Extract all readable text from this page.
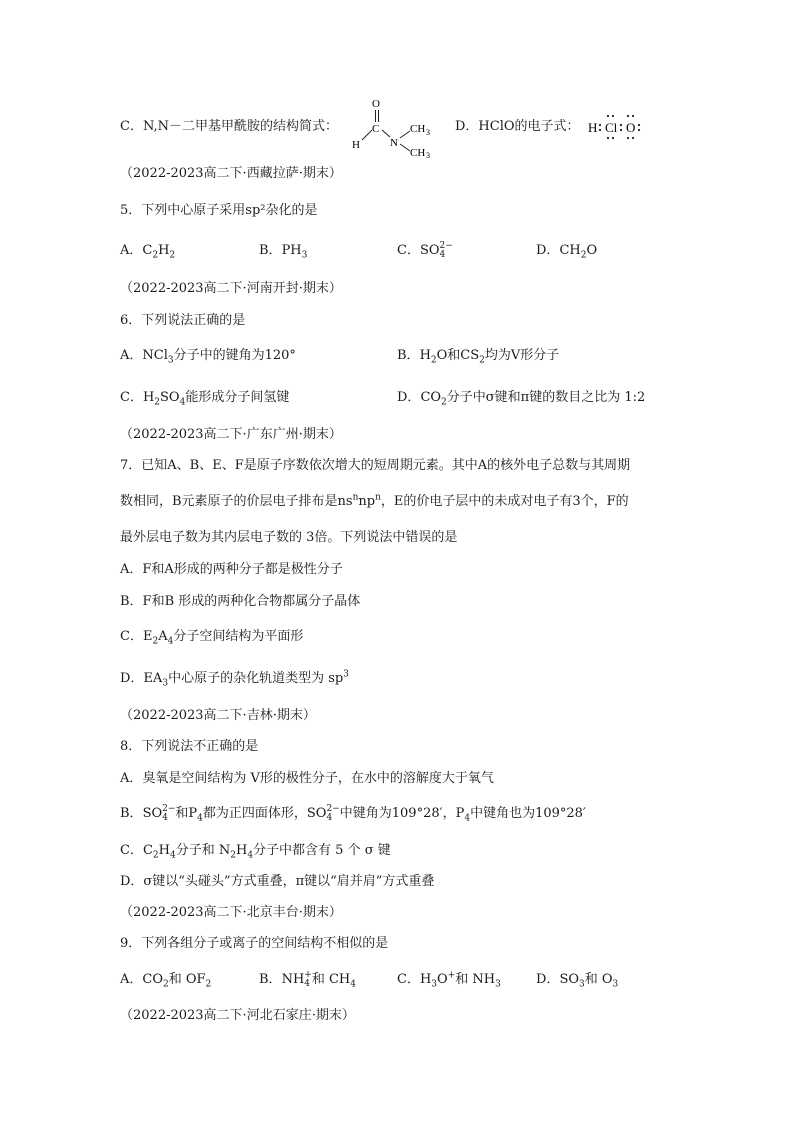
C．N,N－二甲基甲酰胺的结构简式：
O
C
H	N
CH 3
CH 3
D．HClO的电子式： H Cl O
（2022-2023高二下·西藏拉萨·期末）
5．下列中心原子采用sp²杂化的是
A．$C_2H_2$	B．$PH_3$	C．SO 2−
4	D．$CH_2O$
（2022-2023高二下·河南开封·期末）
6．下列说法正确的是
A．NCl$_3$分子中的键角为120°	B．$H_2O$和$CS_2$均为V形分子
C．$H_2SO_4$能形成分子间氢键	D．$CO_2$分子中σ键和π键的数目之比为 1:2
（2022-2023高二下·广东广州·期末）
7．已知A、B、E、F是原子序数依次增大的短周期元素。其中A的核外电子总数与其周期
数相同，B元素原子的价层电子排布是$ns^nnp^n$，E的价电子层中的未成对电子有3个，F的
最外层电子数为其内层电子数的 3倍。下列说法中错误的是
A．F和A形成的两种分子都是极性分子
B．F和B 形成的两种化合物都属分子晶体
C．$E_2A_4$分子空间结构为平面形
D．$EA_3$中心原子的杂化轨道类型为 $sp^3$
（2022-2023高二下·吉林·期末）
8．下列说法不正确的是
A．臭氧是空间结构为 V形的极性分子，在水中的溶解度大于氧气
B．SO 2−
4 和$P_4$都为正四面体形，SO 2−
4 中键角为109°28′，$P_4$中键角也为109°28′
C．$C_2H_4$分子和 $N_2H_4$分子中都含有 5 个 σ 键
D．σ键以“头碰头”方式重叠，π键以“肩并肩”方式重叠
（2022-2023高二下·北京丰台·期末）
9．下列各组分子或离子的空间结构不相似的是
A．$CO_2$和 $OF_2$	B．NH +
4 和 $CH_4$	C．$H_3O^+$和 $NH_3$	D．$SO_3$和 $O_3$
（2022-2023高二下·河北石家庄·期末）
